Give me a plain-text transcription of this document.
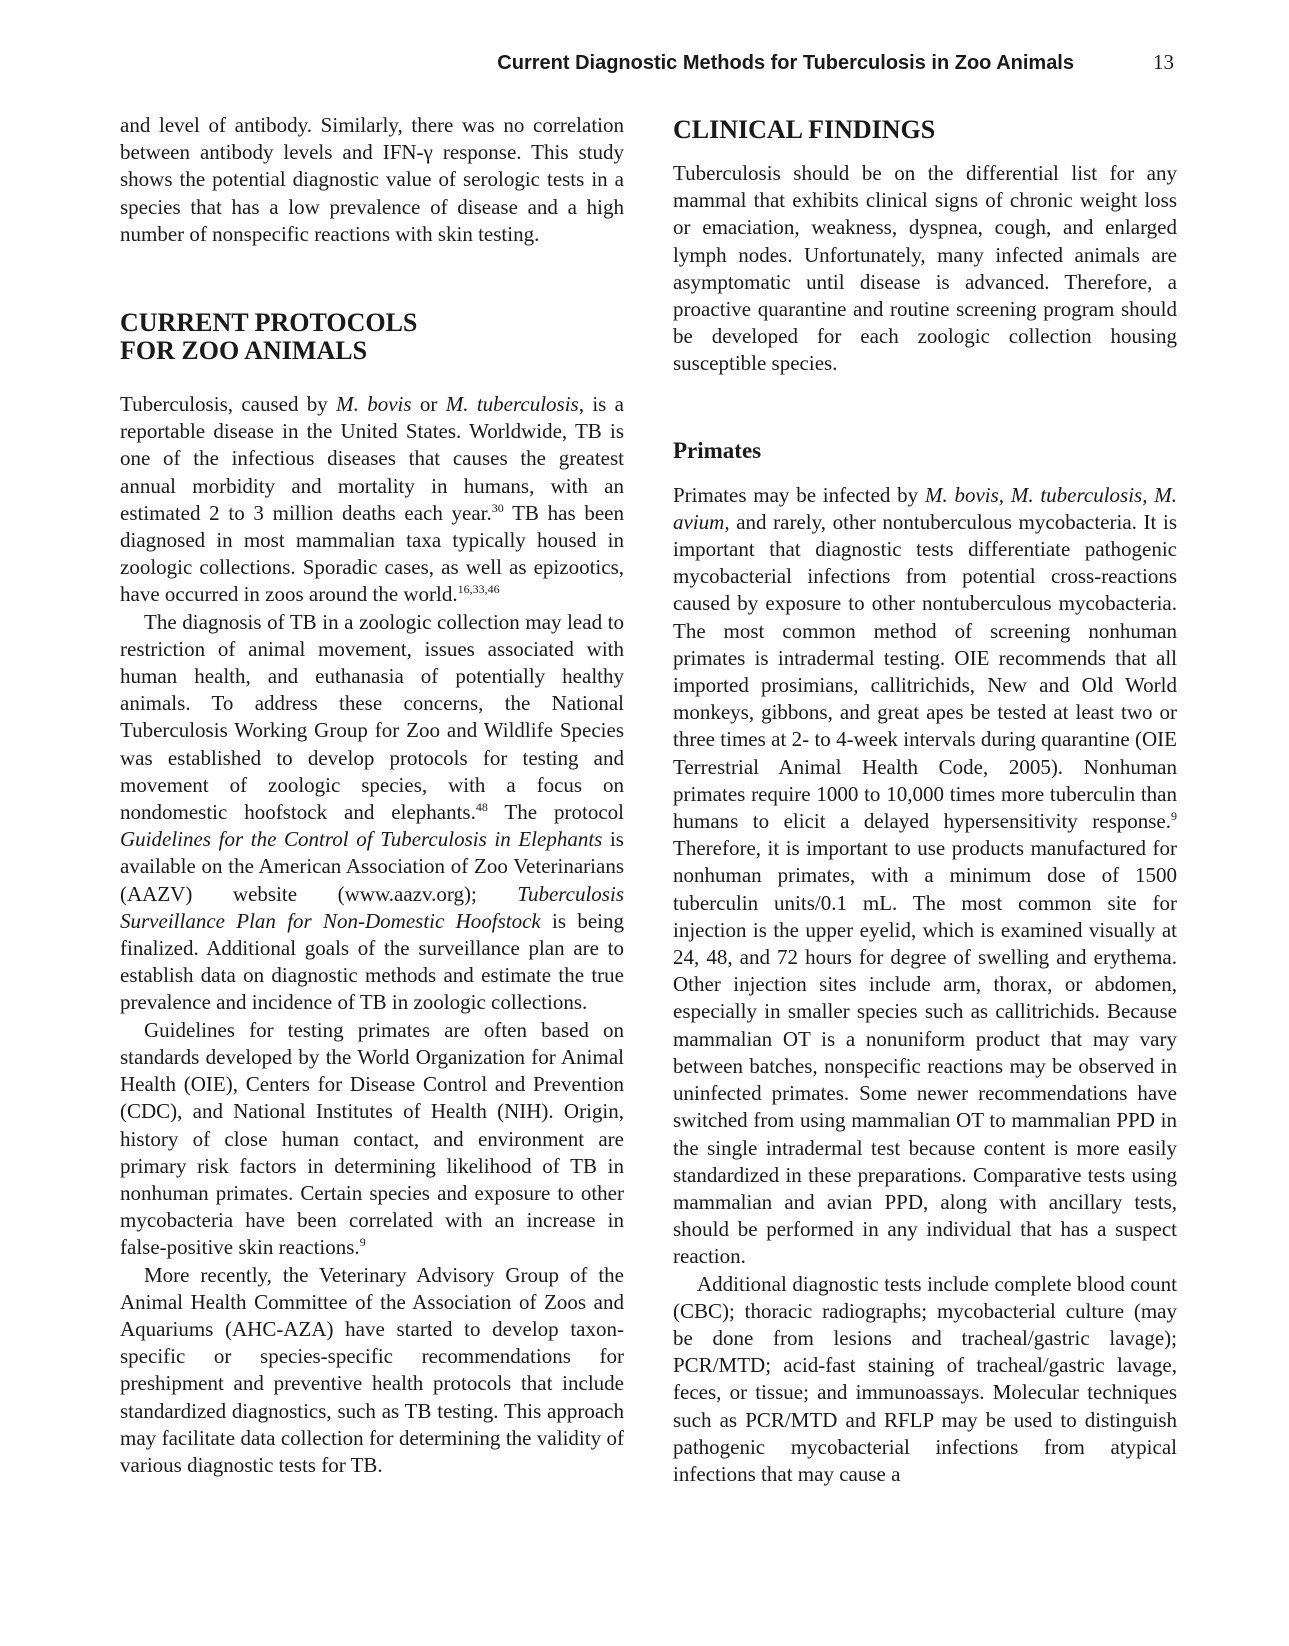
Current Diagnostic Methods for Tuberculosis in Zoo Animals	13

and level of antibody. Similarly, there was no correlation between antibody levels and IFN-γ response. This study shows the potential diagnostic value of serologic tests in a species that has a low prevalence of disease and a high number of nonspecific reactions with skin testing.

CURRENT PROTOCOLS
FOR ZOO ANIMALS

Tuberculosis, caused by M. bovis or M. tuberculosis, is a reportable disease in the United States. Worldwide, TB is one of the infectious diseases that causes the greatest annual morbidity and mortality in humans, with an estimated 2 to 3 million deaths each year.$^{30}$ TB has been diagnosed in most mammalian taxa typically housed in zoologic collections. Sporadic cases, as well as epizootics, have occurred in zoos around the world.$^{16,33,46}$

The diagnosis of TB in a zoologic collection may lead to restriction of animal movement, issues associated with human health, and euthanasia of potentially healthy animals. To address these concerns, the National Tuberculosis Working Group for Zoo and Wildlife Species was established to develop protocols for testing and movement of zoologic species, with a focus on nondomestic hoofstock and elephants.$^{48}$ The protocol Guidelines for the Control of Tuberculosis in Elephants is available on the American Association of Zoo Veterinarians (AAZV) website (www.aazv.org); Tuberculosis Surveillance Plan for Non-Domestic Hoofstock is being finalized. Additional goals of the surveillance plan are to establish data on diagnostic methods and estimate the true prevalence and incidence of TB in zoologic collections.

Guidelines for testing primates are often based on standards developed by the World Organization for Animal Health (OIE), Centers for Disease Control and Prevention (CDC), and National Institutes of Health (NIH). Origin, history of close human contact, and environment are primary risk factors in determining likelihood of TB in nonhuman primates. Certain species and exposure to other mycobacteria have been correlated with an increase in false-positive skin reactions.$^9$

More recently, the Veterinary Advisory Group of the Animal Health Committee of the Association of Zoos and Aquariums (AHC-AZA) have started to develop taxon-specific or species-specific recommendations for preshipment and preventive health protocols that include standardized diagnostics, such as TB testing. This approach may facilitate data collection for determining the validity of various diagnostic tests for TB.

CLINICAL FINDINGS

Tuberculosis should be on the differential list for any mammal that exhibits clinical signs of chronic weight loss or emaciation, weakness, dyspnea, cough, and enlarged lymph nodes. Unfortunately, many infected animals are asymptomatic until disease is advanced. Therefore, a proactive quarantine and routine screening program should be developed for each zoologic collection housing susceptible species.

Primates

Primates may be infected by M. bovis, M. tuberculosis, M. avium, and rarely, other nontuberculous mycobacteria. It is important that diagnostic tests differentiate pathogenic mycobacterial infections from potential cross-reactions caused by exposure to other nontuberculous mycobacteria. The most common method of screening nonhuman primates is intradermal testing. OIE recommends that all imported prosimians, callitrichids, New and Old World monkeys, gibbons, and great apes be tested at least two or three times at 2- to 4-week intervals during quarantine (OIE Terrestrial Animal Health Code, 2005). Nonhuman primates require 1000 to 10,000 times more tuberculin than humans to elicit a delayed hypersensitivity response.$^9$ Therefore, it is important to use products manufactured for nonhuman primates, with a minimum dose of 1500 tuberculin units/0.1 mL. The most common site for injection is the upper eyelid, which is examined visually at 24, 48, and 72 hours for degree of swelling and erythema. Other injection sites include arm, thorax, or abdomen, especially in smaller species such as callitrichids. Because mammalian OT is a nonuniform product that may vary between batches, nonspecific reactions may be observed in uninfected primates. Some newer recommendations have switched from using mammalian OT to mammalian PPD in the single intradermal test because content is more easily standardized in these preparations. Comparative tests using mammalian and avian PPD, along with ancillary tests, should be performed in any individual that has a suspect reaction.

Additional diagnostic tests include complete blood count (CBC); thoracic radiographs; mycobacterial culture (may be done from lesions and tracheal/gastric lavage); PCR/MTD; acid-fast staining of tracheal/gastric lavage, feces, or tissue; and immunoassays. Molecular techniques such as PCR/MTD and RFLP may be used to distinguish pathogenic mycobacterial infections from atypical infections that may cause a
